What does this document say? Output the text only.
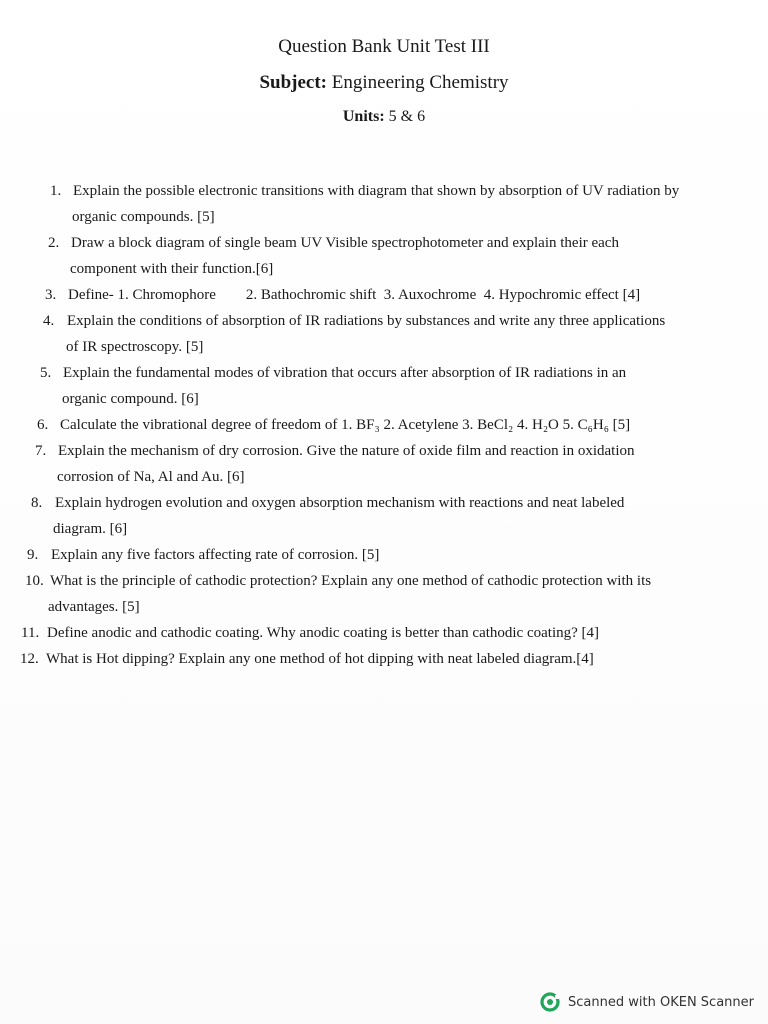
Question Bank Unit Test III
Subject: Engineering Chemistry
Units: 5 & 6
1. Explain the possible electronic transitions with diagram that shown by absorption of UV radiation by
organic compounds. [5]
2. Draw a block diagram of single beam UV Visible spectrophotometer and explain their each
component with their function.[6]
3. Define- 1. Chromophore        2. Bathochromic shift  3. Auxochrome  4. Hypochromic effect [4]
4. Explain the conditions of absorption of IR radiations by substances and write any three applications
of IR spectroscopy. [5]
5. Explain the fundamental modes of vibration that occurs after absorption of IR radiations in an
organic compound. [6]
6. Calculate the vibrational degree of freedom of 1. BF₃ 2. Acetylene 3. BeCl₂ 4. H₂O 5. C₆H₆ [5]
7. Explain the mechanism of dry corrosion. Give the nature of oxide film and reaction in oxidation
corrosion of Na, Al and Au. [6]
8. Explain hydrogen evolution and oxygen absorption mechanism with reactions and neat labeled
diagram. [6]
9. Explain any five factors affecting rate of corrosion. [5]
10. What is the principle of cathodic protection? Explain any one method of cathodic protection with its
advantages. [5]
11. Define anodic and cathodic coating. Why anodic coating is better than cathodic coating? [4]
12. What is Hot dipping? Explain any one method of hot dipping with neat labeled diagram.[4]
Scanned with OKEN Scanner
